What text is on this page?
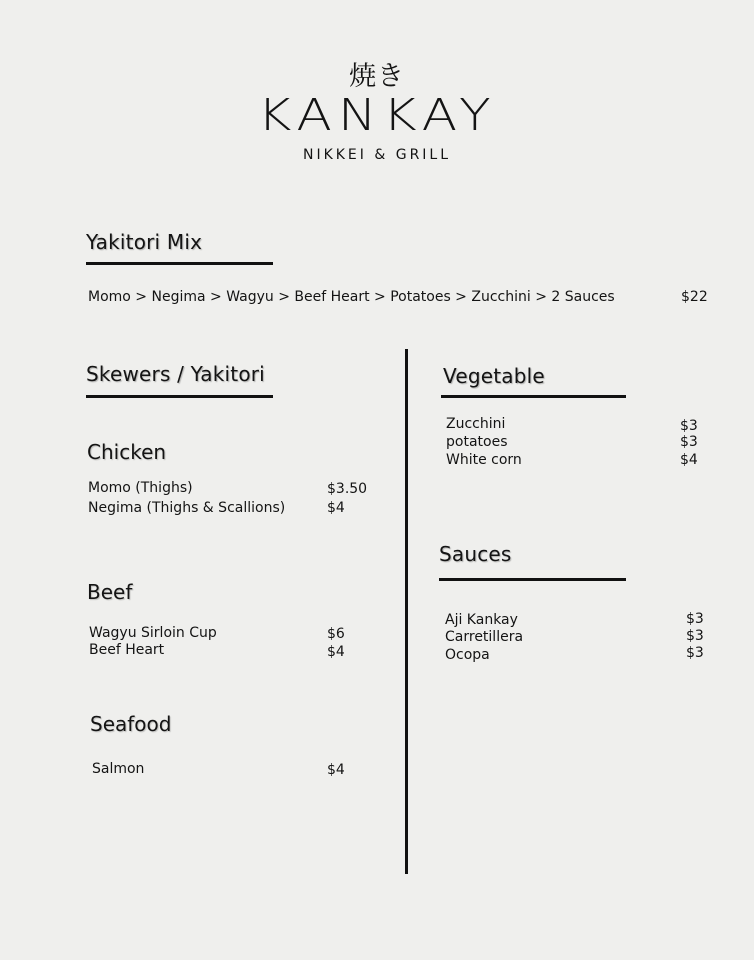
焼き
KANKAY
NIKKEI & GRILL
Yakitori Mix
Momo > Negima > Wagyu > Beef Heart > Potatoes > Zucchini > 2 Sauces	$22
Skewers / Yakitori
Chicken
Momo (Thighs)	$3.50
Negima (Thighs & Scallions)	$4
Beef
Wagyu Sirloin Cup	$6
Beef Heart	$4
Seafood
Salmon	$4
Vegetable
Zucchini	$3
potatoes	$3
White corn	$4
Sauces
Aji Kankay	$3
Carretillera	$3
Ocopa	$3
